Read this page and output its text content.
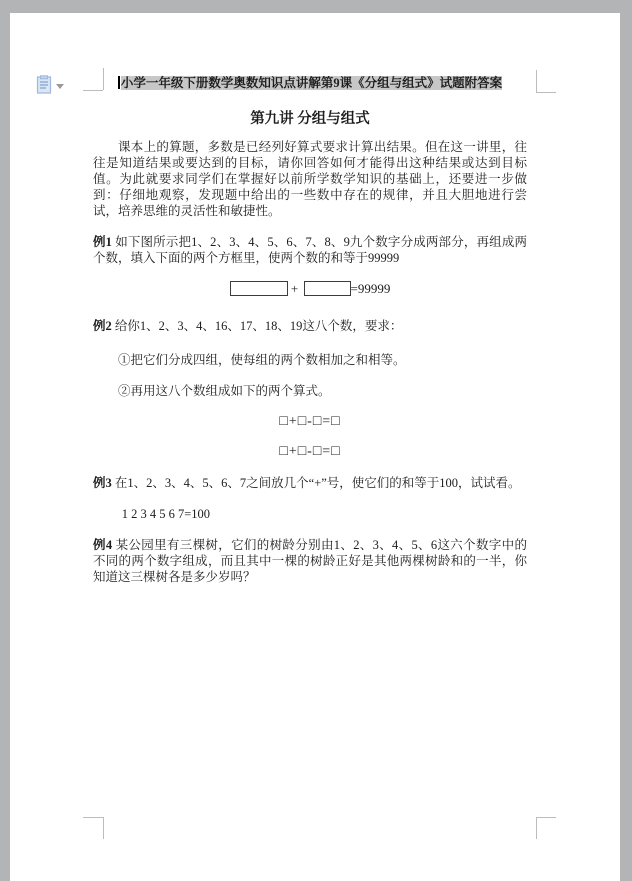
小学一年级下册数学奥数知识点讲解第9课《分组与组式》试题附答案
第九讲 分组与组式

课本上的算题，多数是已经列好算式要求计算出结果。但在这一讲里，往往是知道结果或要达到的目标，请你回答如何才能得出这种结果或达到目标值。为此就要求同学们在掌握好以前所学数学知识的基础上，还要进一步做到：仔细地观察，发现题中给出的一些数中存在的规律，并且大胆地进行尝试，培养思维的灵活性和敏捷性。

例1 如下图所示把1、2、3、4、5、6、7、8、9九个数字分成两部分，再组成两个数，填入下面的两个方框里，使两个数的和等于99999

+	=99999

例2 给你1、2、3、4、16、17、18、19这八个数，要求：

①把它们分成四组，使每组的两个数相加之和相等。

②再用这八个数组成如下的两个算式。

□+□-□=□
□+□-□=□

例3 在1、2、3、4、5、6、7之间放几个“+”号，使它们的和等于100，试试看。

1 2 3 4 5 6 7=100

例4 某公园里有三棵树，它们的树龄分别由1、2、3、4、5、6这六个数字中的不同的两个数字组成，而且其中一棵的树龄正好是其他两棵树龄和的一半，你知道这三棵树各是多少岁吗？
